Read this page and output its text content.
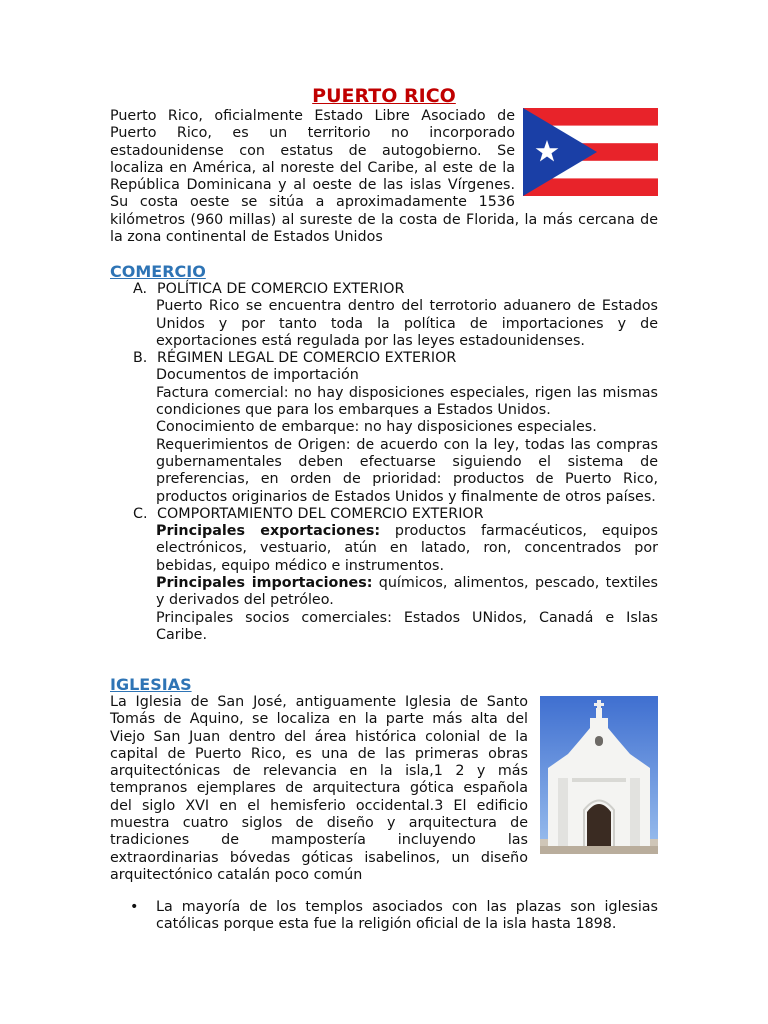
PUERTO RICO
Puerto Rico, oficialmente Estado Libre Asociado de Puerto Rico, es un territorio no incorporado estadounidense con estatus de autogobierno. Se localiza en América, al noreste del Caribe, al este de la República Dominicana y al oeste de las islas Vírgenes. Su costa oeste se sitúa a aproximadamente 1536 kilómetros (960 millas) al sureste de la costa de Florida, la más cercana de la zona continental de Estados Unidos
COMERCIO
A. POLÍTICA DE COMERCIO EXTERIOR
Puerto Rico se encuentra dentro del terrotorio aduanero de Estados Unidos y por tanto toda la política de importaciones y de exportaciones está regulada por las leyes estadounidenses.
B. RÉGIMEN LEGAL DE COMERCIO EXTERIOR
Documentos de importación
Factura comercial: no hay disposiciones especiales, rigen las mismas condiciones que para los embarques a Estados Unidos.
Conocimiento de embarque: no hay disposiciones especiales.
Requerimientos de Origen: de acuerdo con la ley, todas las compras gubernamentales deben efectuarse siguiendo el sistema de preferencias, en orden de prioridad: productos de Puerto Rico, productos originarios de Estados Unidos y finalmente de otros países.
C. COMPORTAMIENTO DEL COMERCIO EXTERIOR
Principales exportaciones: productos farmacéuticos, equipos electrónicos, vestuario, atún en latado, ron, concentrados por bebidas, equipo médico e instrumentos.
Principales importaciones: químicos, alimentos, pescado, textiles y derivados del petróleo.
Principales socios comerciales: Estados UNidos, Canadá e Islas Caribe.
IGLESIAS
La Iglesia de San José, antiguamente Iglesia de Santo Tomás de Aquino, se localiza en la parte más alta del Viejo San Juan dentro del área histórica colonial de la capital de Puerto Rico, es una de las primeras obras arquitectónicas de relevancia en la isla,1 2 y más tempranos ejemplares de arquitectura gótica española del siglo XVI en el hemisferio occidental.3 El edificio muestra cuatro siglos de diseño y arquitectura de tradiciones de mampostería incluyendo las extraordinarias bóvedas góticas isabelinos, un diseño arquitectónico catalán poco común
•	La mayoría de los templos asociados con las plazas son iglesias católicas porque esta fue la religión oficial de la isla hasta 1898.
